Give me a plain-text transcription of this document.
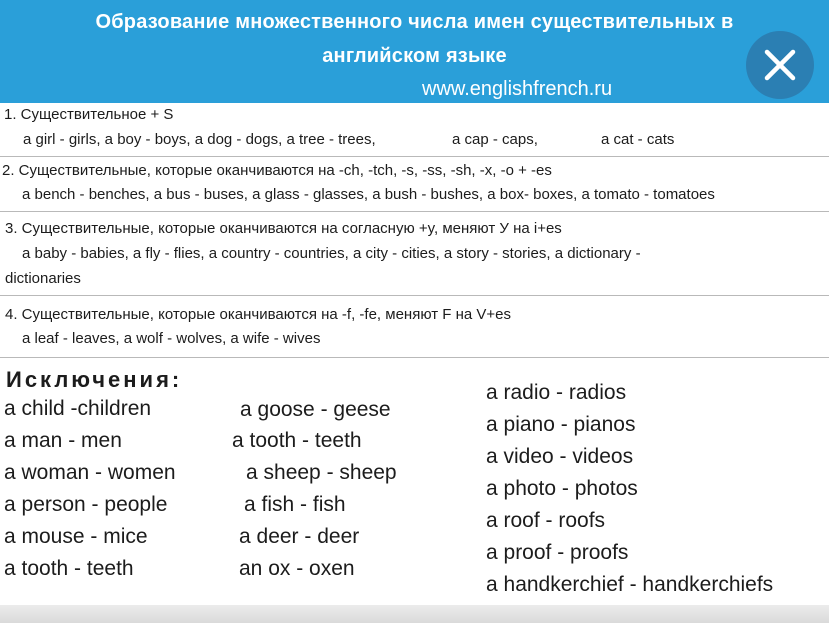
Образование множественного числа имен существительных в
английском языке
www.englishfrench.ru
1. Существительное + S
a girl - girls, a boy - boys, a dog - dogs, a tree - trees,	a cap - caps,	a cat - cats
2. Существительные, которые оканчиваются на -ch, -tch, -s, -ss, -sh, -x, -o + -es
a bench - benches, a bus - buses, a glass - glasses, a bush - bushes, a box- boxes, a tomato - tomatoes
3. Существительные, которые оканчиваются на согласную +y, меняют У на i+es
a baby - babies, a fly - flies, a country - countries, a city - cities, a story - stories, a dictionary -
dictionaries
4. Существительные, которые оканчиваются на -f, -fe, меняют F на V+es
a leaf - leaves, a wolf - wolves, a wife - wives
Исключения:
a child -children
a man - men
a woman - women
a person - people
a mouse - mice
a tooth - teeth
a goose - geese
a tooth - teeth
a sheep - sheep
a fish - fish
a deer - deer
an ox - oxen
a radio - radios
a piano - pianos
a video - videos
a photo - photos
a roof - roofs
a proof - proofs
a handkerchief - handkerchiefs
